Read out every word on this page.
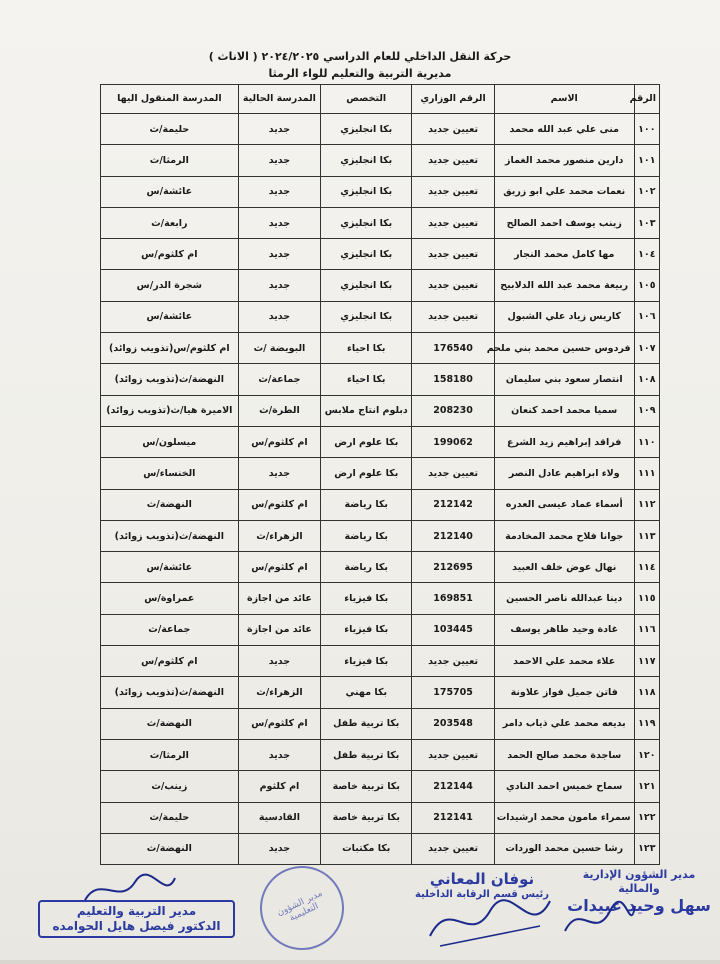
حركة النقل الداخلي للعام الدراسي ٢٠٢٤/٢٠٢٥ ( الاناث )
مديرية التربية والتعليم للواء الرمثا
الرقم	الاسم	الرقم الوزاري	التخصص	المدرسة الحالية	المدرسة المنقول اليها
١٠٠	منى علي عبد الله محمد	تعيين جديد	بكا انجليزي	جديد	حليمة/ث
١٠١	دارين منصور محمد الغماز	تعيين جديد	بكا انجليزي	جديد	الرمثا/ث
١٠٢	نعمات محمد علي ابو زريق	تعيين جديد	بكا انجليزي	جديد	عائشة/س
١٠٣	زينب يوسف احمد الصالح	تعيين جديد	بكا انجليزي	جديد	رابعة/ث
١٠٤	مها كامل محمد النجار	تعيين جديد	بكا انجليزي	جديد	ام كلثوم/س
١٠٥	ربيعة محمد عبد الله الدلابيح	تعيين جديد	بكا انجليزي	جديد	شجرة الدر/س
١٠٦	كاريس زياد علي الشبول	تعيين جديد	بكا انجليزي	جديد	عائشة/س
١٠٧	فردوس حسين محمد بني ملحم	176540	بكا احياء	البويضة /ث	ام كلثوم/س(تذويب زوائد)
١٠٨	انتصار سعود بني سليمان	158180	بكا احياء	جماعة/ث	النهضة/ث(تذويب زوائد)
١٠٩	سميا محمد احمد كنعان	208230	دبلوم انتاج ملابس	الطرة/ث	الاميرة هيا/ث(تذويب زوائد)
١١٠	فراقد إبراهيم زيد الشرع	199062	بكا علوم ارض	ام كلثوم/س	ميسلون/س
١١١	ولاء ابراهيم عادل النصر	تعيين جديد	بكا علوم ارض	جديد	الخنساء/س
١١٢	أسماء عماد عيسى العدره	212142	بكا رياضة	ام كلثوم/س	النهضة/ث
١١٣	جوانا فلاح محمد المخادمة	212140	بكا رياضة	الزهراء/ث	النهضة/ث(تذويب زوائد)
١١٤	نهال عوض خلف العبيد	212695	بكا رياضة	ام كلثوم/س	عائشة/س
١١٥	دينا عبدالله ناصر الحسين	169851	بكا فيزياء	عائد من اجازة	عمراوة/س
١١٦	غادة وحيد طاهر يوسف	103445	بكا فيزياء	عائد من اجازة	جماعة/ث
١١٧	علاء محمد علي الاحمد	تعيين جديد	بكا فيزياء	جديد	ام كلثوم/س
١١٨	فاتن جميل فواز علاونة	175705	بكا مهني	الزهراء/ث	النهضة/ث(تذويب زوائد)
١١٩	بديعه محمد علي ذياب دامر	203548	بكا تربية طفل	ام كلثوم/س	النهضة/ث
١٢٠	ساجدة محمد صالح الحمد	تعيين جديد	بكا تربية طفل	جديد	الرمثا/ث
١٢١	سماح خميس احمد النادي	212144	بكا تربية خاصة	ام كلثوم	زينب/ث
١٢٢	سمراء مامون محمد ارشيدات	212141	بكا تربية خاصة	القادسية	حليمة/ث
١٢٣	رشا حسين محمد الوردات	تعيين جديد	بكا مكتبات	جديد	النهضة/ث
مدير الشؤون الإدارية والمالية
سهل وحيد عبيدات
نوفان المعاني
رئيس قسم الرقابة الداخلية
مدير الشؤون التعليمية
مدير التربية والتعليم
الدكتور فيصل هايل الحوامده
